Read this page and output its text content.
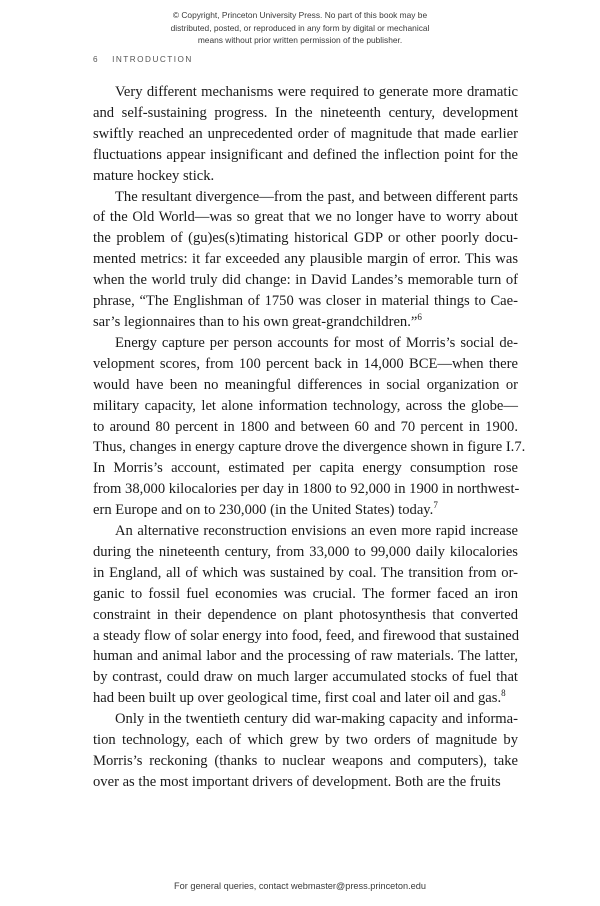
© Copyright, Princeton University Press. No part of this book may be
distributed, posted, or reproduced in any form by digital or mechanical
means without prior written permission of the publisher.
6 INTRODUCTION

Very different mechanisms were required to generate more dramatic
and self-sustaining progress. In the nineteenth century, development
swiftly reached an unprecedented order of magnitude that made earlier
fluctuations appear insignificant and defined the inflection point for the
mature hockey stick.

The resultant divergence—from the past, and between different parts
of the Old World—was so great that we no longer have to worry about
the problem of (gu)es(s)timating historical GDP or other poorly docu-
mented metrics: it far exceeded any plausible margin of error. This was
when the world truly did change: in David Landes’s memorable turn of
phrase, “The Englishman of 1750 was closer in material things to Cae-
sar’s legionnaires than to his own great-grandchildren.”$^6$

Energy capture per person accounts for most of Morris’s social de-
velopment scores, from 100 percent back in 14,000 BCE—when there
would have been no meaningful differences in social organization or
military capacity, let alone information technology, across the globe—
to around 80 percent in 1800 and between 60 and 70 percent in 1900.
Thus, changes in energy capture drove the divergence shown in figure I.7.
In Morris’s account, estimated per capita energy consumption rose
from 38,000 kilocalories per day in 1800 to 92,000 in 1900 in northwest-
ern Europe and on to 230,000 (in the United States) today.$^7$

An alternative reconstruction envisions an even more rapid increase
during the nineteenth century, from 33,000 to 99,000 daily kilocalories
in England, all of which was sustained by coal. The transition from or-
ganic to fossil fuel economies was crucial. The former faced an iron
constraint in their dependence on plant photosynthesis that converted
a steady flow of solar energy into food, feed, and firewood that sustained
human and animal labor and the processing of raw materials. The latter,
by contrast, could draw on much larger accumulated stocks of fuel that
had been built up over geological time, first coal and later oil and gas.$^8$

Only in the twentieth century did war-making capacity and informa-
tion technology, each of which grew by two orders of magnitude by
Morris’s reckoning (thanks to nuclear weapons and computers), take
over as the most important drivers of development. Both are the fruits

For general queries, contact webmaster@press.princeton.edu
